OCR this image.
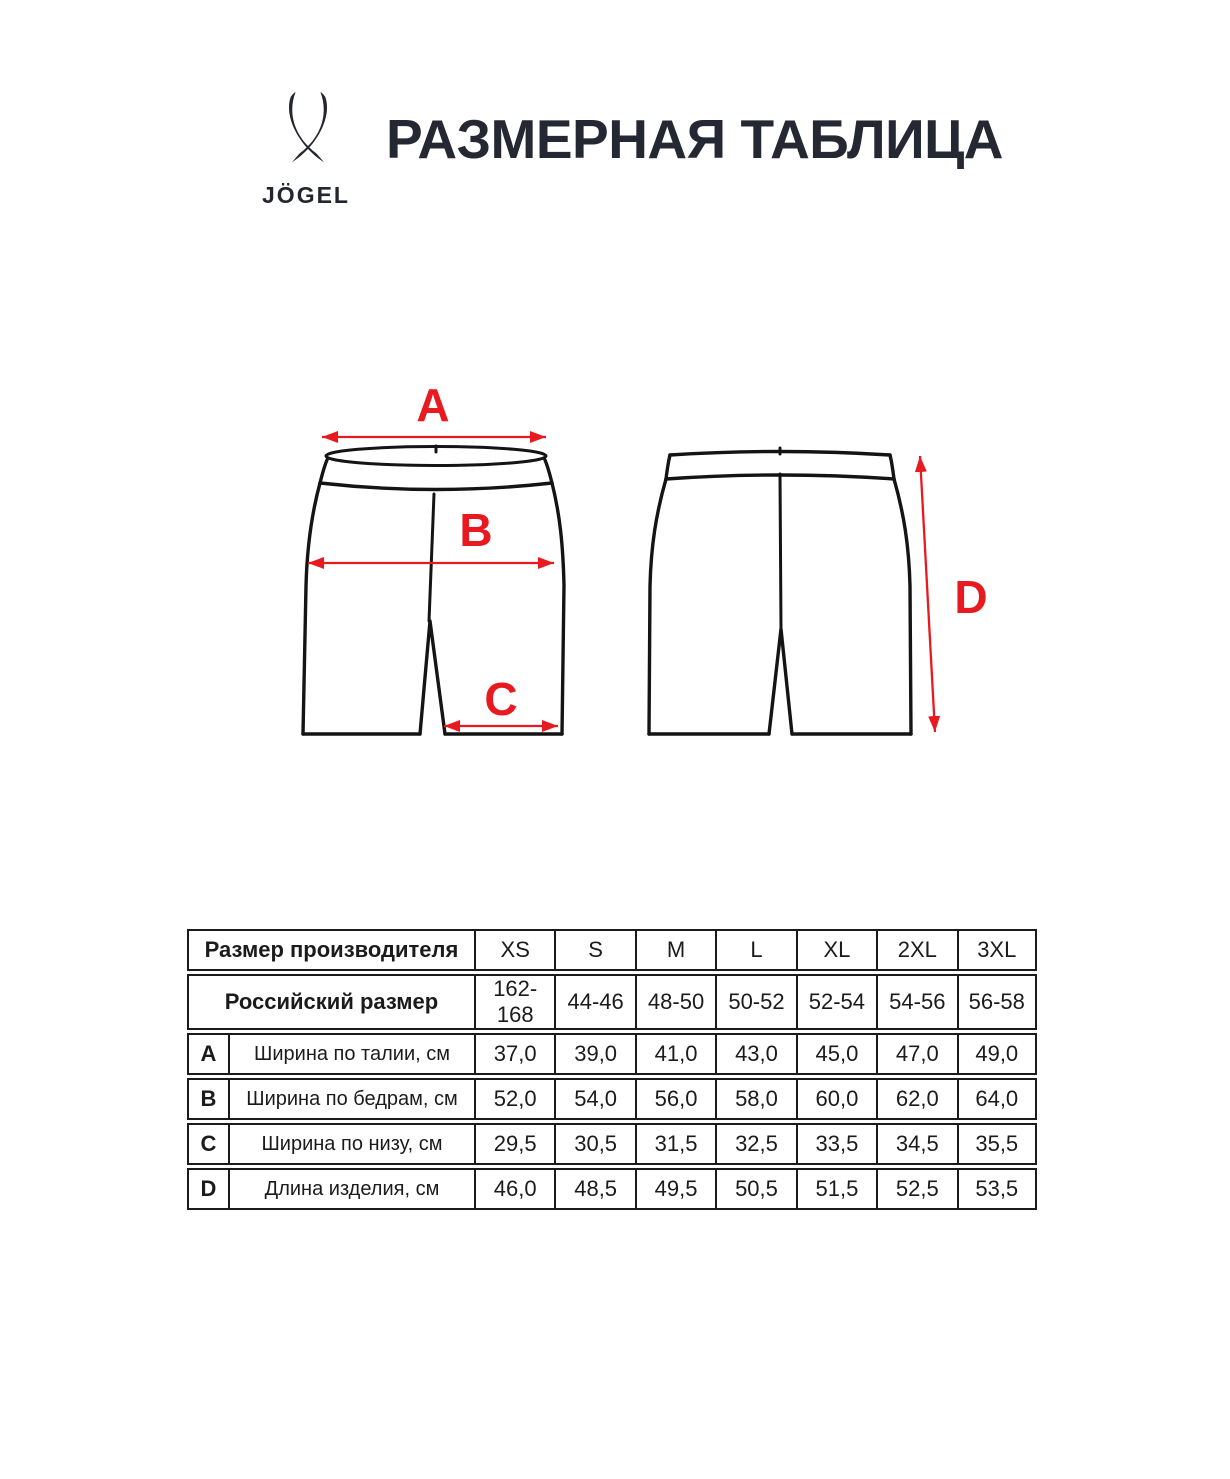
JÖGEL
РАЗМЕРНАЯ ТАБЛИЦА
A
B
C
D
Размер производителя		XS	S	M	L	XL	2XL	3XL
Российский размер		162-168	44-46	48-50	50-52	52-54	54-56	56-58
A	Ширина по талии, см	37,0	39,0	41,0	43,0	45,0	47,0	49,0
B	Ширина по бедрам, см	52,0	54,0	56,0	58,0	60,0	62,0	64,0
C	Ширина по низу, см	29,5	30,5	31,5	32,5	33,5	34,5	35,5
D	Длина изделия, см	46,0	48,5	49,5	50,5	51,5	52,5	53,5
